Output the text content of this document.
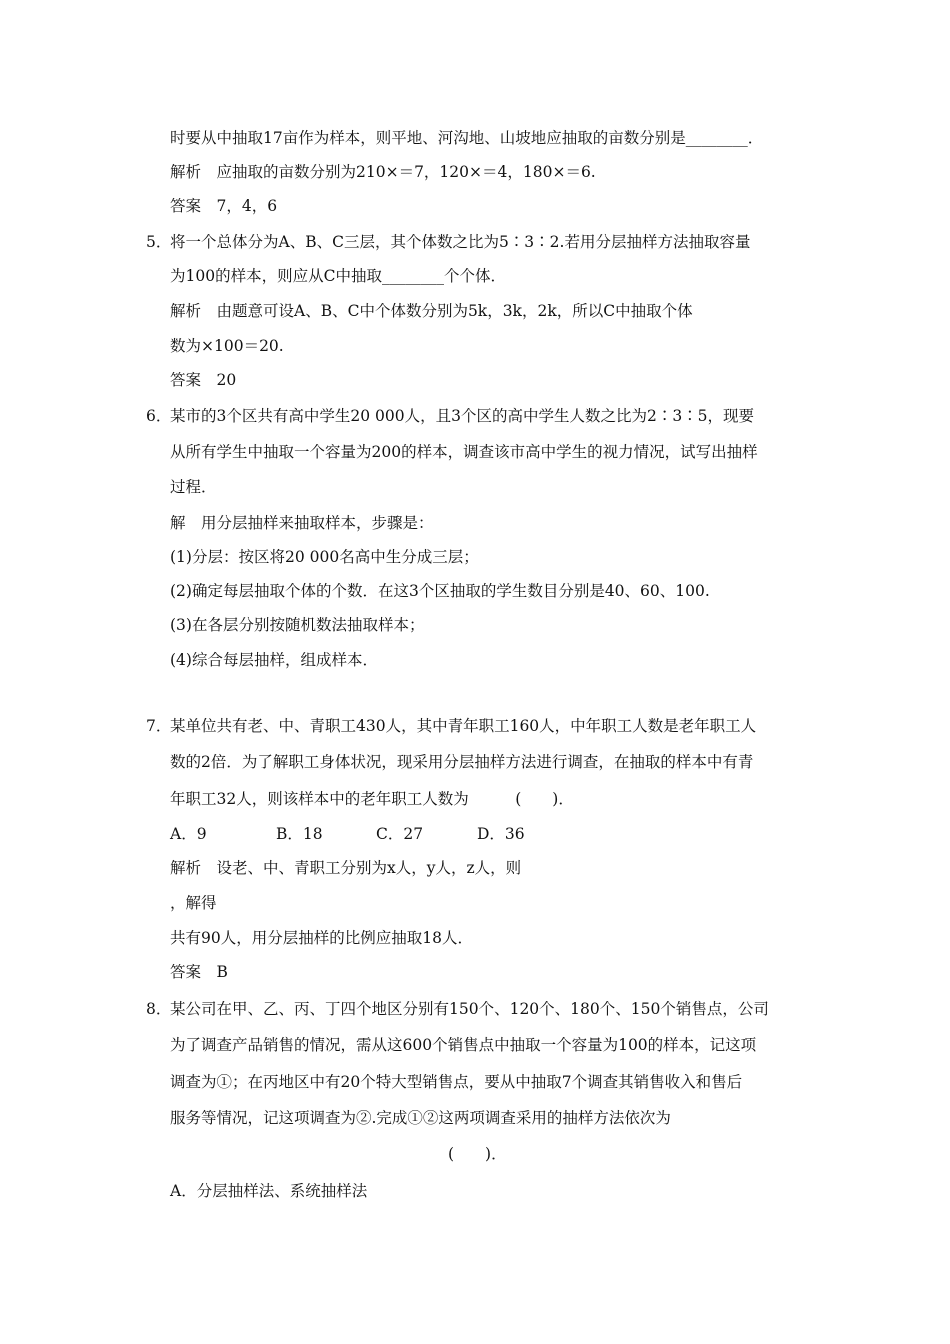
时要从中抽取17亩作为样本，则平地、河沟地、山坡地应抽取的亩数分别是________．
解析　应抽取的亩数分别为210×＝7，120×＝4，180×＝6.
答案　7，4，6
5．将一个总体分为A、B、C三层，其个体数之比为5∶3∶2.若用分层抽样方法抽取容量
为100的样本，则应从C中抽取________个个体．
解析　由题意可设A、B、C中个体数分别为5k，3k，2k，所以C中抽取个体
数为×100＝20.
答案　20
6．某市的3个区共有高中学生20 000人，且3个区的高中学生人数之比为2∶3∶5，现要
从所有学生中抽取一个容量为200的样本，调查该市高中学生的视力情况，试写出抽样
过程．
解　用分层抽样来抽取样本，步骤是：
(1)分层：按区将20 000名高中生分成三层；
(2)确定每层抽取个体的个数．在这3个区抽取的学生数目分别是40、60、100.
(3)在各层分别按随机数法抽取样本；
(4)综合每层抽样，组成样本．
7．某单位共有老、中、青职工430人，其中青年职工160人，中年职工人数是老年职工人
数的2倍．为了解职工身体状况，现采用分层抽样方法进行调查，在抽取的样本中有青
年职工32人，则该样本中的老年职工人数为　　　(　　)．
A．9	B．18	C．27	D．36
解析　设老、中、青职工分别为x人，y人，z人，则
，解得
共有90人，用分层抽样的比例应抽取18人．
答案　B
8．某公司在甲、乙、丙、丁四个地区分别有150个、120个、180个、150个销售点，公司
为了调查产品销售的情况，需从这600个销售点中抽取一个容量为100的样本，记这项
调查为①；在丙地区中有20个特大型销售点，要从中抽取7个调查其销售收入和售后
服务等情况，记这项调查为②.完成①②这两项调查采用的抽样方法依次为
(　　)．
A．分层抽样法、系统抽样法
